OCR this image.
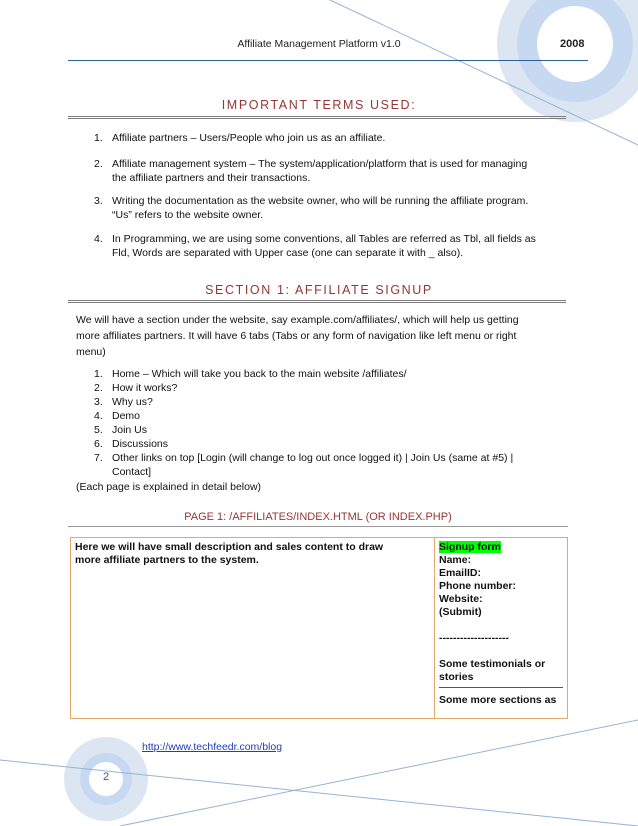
Affiliate Management Platform v1.0	2008
IMPORTANT TERMS USED:
1. Affiliate partners – Users/People who join us as an affiliate.
2. Affiliate management system – The system/application/platform that is used for managing
the affiliate partners and their transactions.
3. Writing the documentation as the website owner, who will be running the affiliate program.
“Us” refers to the website owner.
4. In Programming, we are using some conventions, all Tables are referred as Tbl, all fields as
Fld, Words are separated with Upper case (one can separate it with _ also).
SECTION 1: AFFILIATE SIGNUP
We will have a section under the website, say example.com/affiliates/, which will help us getting
more affiliates partners. It will have 6 tabs (Tabs or any form of navigation like left menu or right
menu)
1. Home – Which will take you back to the main website /affiliates/
2. How it works?
3. Why us?
4. Demo
5. Join Us
6. Discussions
7. Other links on top [Login (will change to log out once logged it) | Join Us (same at #5) |
Contact]
(Each page is explained in detail below)
PAGE 1: /AFFILIATES/INDEX.HTML (OR INDEX.PHP)
Here we will have small description and sales content to draw
more affiliate partners to the system.

Signup form
Name:
EmailID:
Phone number:
Website:
(Submit)
--------------------
Some testimonials or
stories
Some more sections as
http://www.techfeedr.com/blog
2
